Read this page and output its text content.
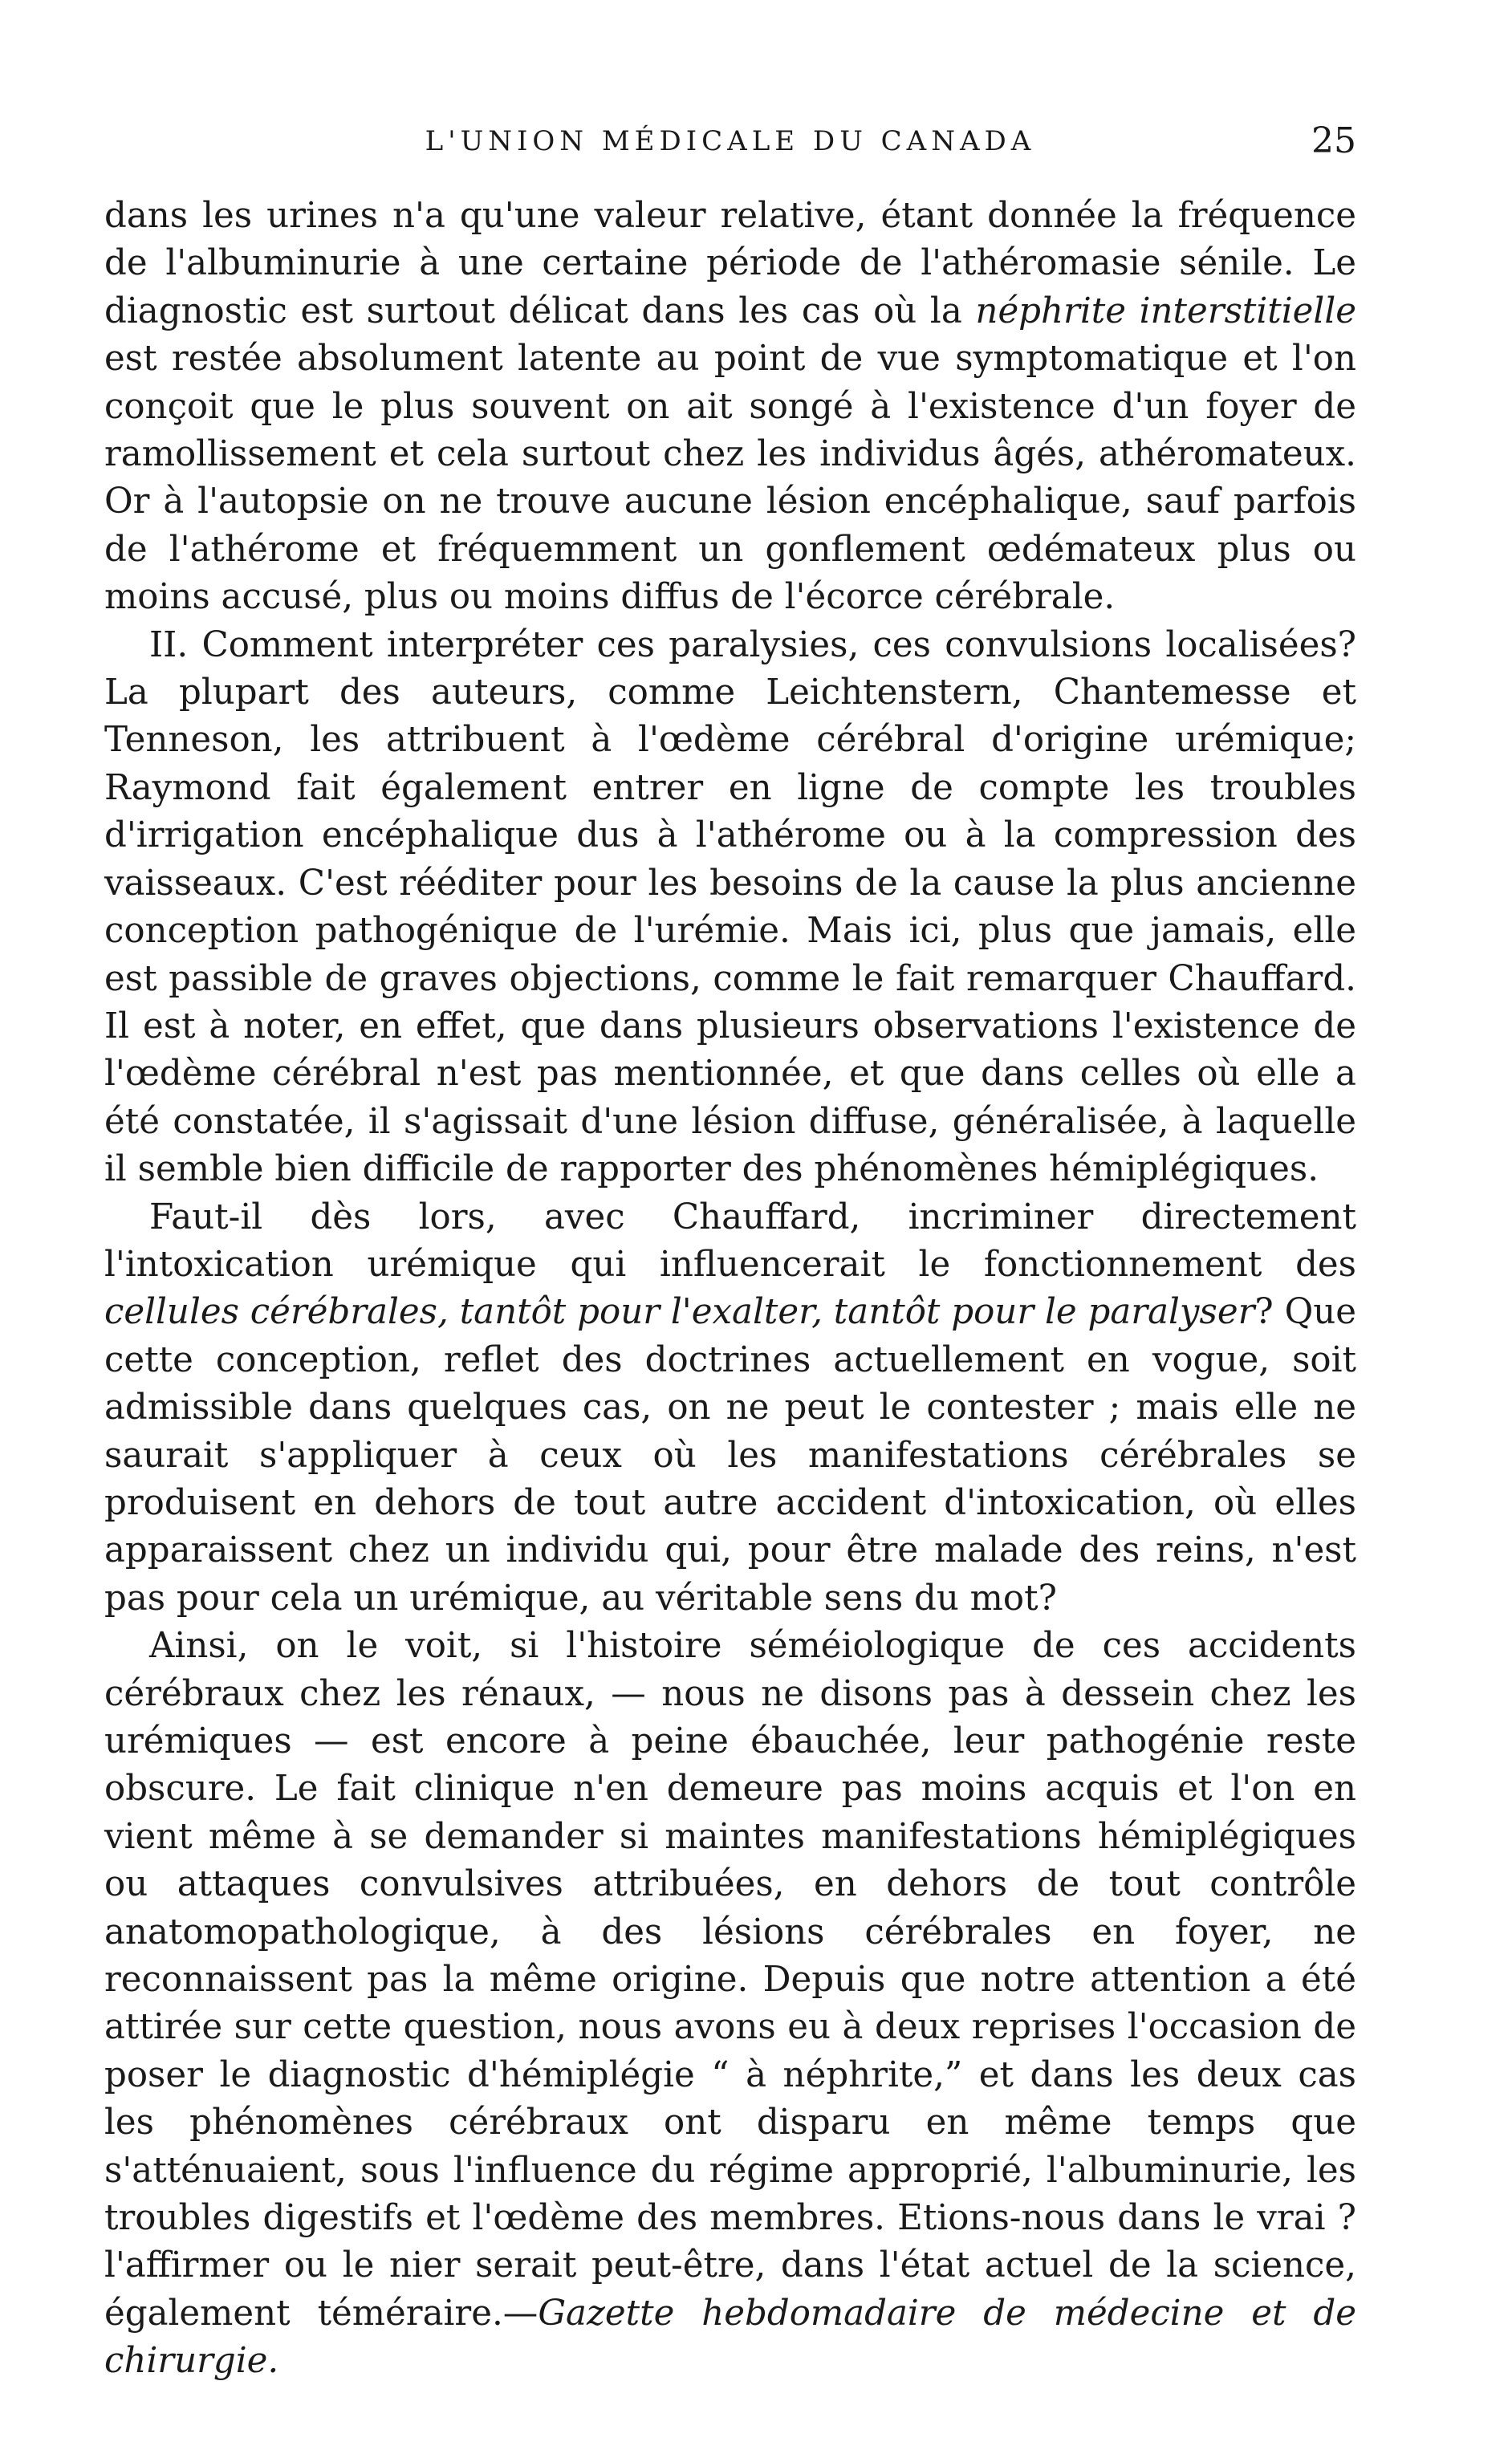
L'UNION MÉDICALE DU CANADA	25

dans les urines n'a qu'une valeur relative, étant donnée la fréquence de l'albuminurie à une certaine période de l'athéromasie sénile. Le diagnostic est surtout délicat dans les cas où la néphrite interstitielle est restée absolument latente au point de vue symptomatique et l'on conçoit que le plus souvent on ait songé à l'existence d'un foyer de ramollissement et cela surtout chez les individus âgés, athéromateux. Or à l'autopsie on ne trouve aucune lésion encéphalique, sauf parfois de l'athérome et fréquemment un gonflement œdémateux plus ou moins accusé, plus ou moins diffus de l'écorce cérébrale.

II. Comment interpréter ces paralysies, ces convulsions localisées? La plupart des auteurs, comme Leichtenstern, Chantemesse et Tenneson, les attribuent à l'œdème cérébral d'origine urémique; Raymond fait également entrer en ligne de compte les troubles d'irrigation encéphalique dus à l'athérome ou à la compression des vaisseaux. C'est rééditer pour les besoins de la cause la plus ancienne conception pathogénique de l'urémie. Mais ici, plus que jamais, elle est passible de graves objections, comme le fait remarquer Chauffard. Il est à noter, en effet, que dans plusieurs observations l'existence de l'œdème cérébral n'est pas mentionnée, et que dans celles où elle a été constatée, il s'agissait d'une lésion diffuse, généralisée, à laquelle il semble bien difficile de rapporter des phénomènes hémiplégiques.

Faut-il dès lors, avec Chauffard, incriminer directement l'intoxication urémique qui influencerait le fonctionnement des cellules cérébrales, tantôt pour l'exalter, tantôt pour le paralyser? Que cette conception, reflet des doctrines actuellement en vogue, soit admissible dans quelques cas, on ne peut le contester ; mais elle ne saurait s'appliquer à ceux où les manifestations cérébrales se produisent en dehors de tout autre accident d'intoxication, où elles apparaissent chez un individu qui, pour être malade des reins, n'est pas pour cela un urémique, au véritable sens du mot?

Ainsi, on le voit, si l'histoire séméiologique de ces accidents cérébraux chez les rénaux, — nous ne disons pas à dessein chez les urémiques — est encore à peine ébauchée, leur pathogénie reste obscure. Le fait clinique n'en demeure pas moins acquis et l'on en vient même à se demander si maintes manifestations hémiplégiques ou attaques convulsives attribuées, en dehors de tout contrôle anatomopathologique, à des lésions cérébrales en foyer, ne reconnaissent pas la même origine. Depuis que notre attention a été attirée sur cette question, nous avons eu à deux reprises l'occasion de poser le diagnostic d'hémiplégie “ à néphrite,” et dans les deux cas les phénomènes cérébraux ont disparu en même temps que s'atténuaient, sous l'influence du régime approprié, l'albuminurie, les troubles digestifs et l'œdème des membres. Etions-nous dans le vrai ? l'affirmer ou le nier serait peut-être, dans l'état actuel de la science, également téméraire.—Gazette hebdomadaire de médecine et de chirurgie.
